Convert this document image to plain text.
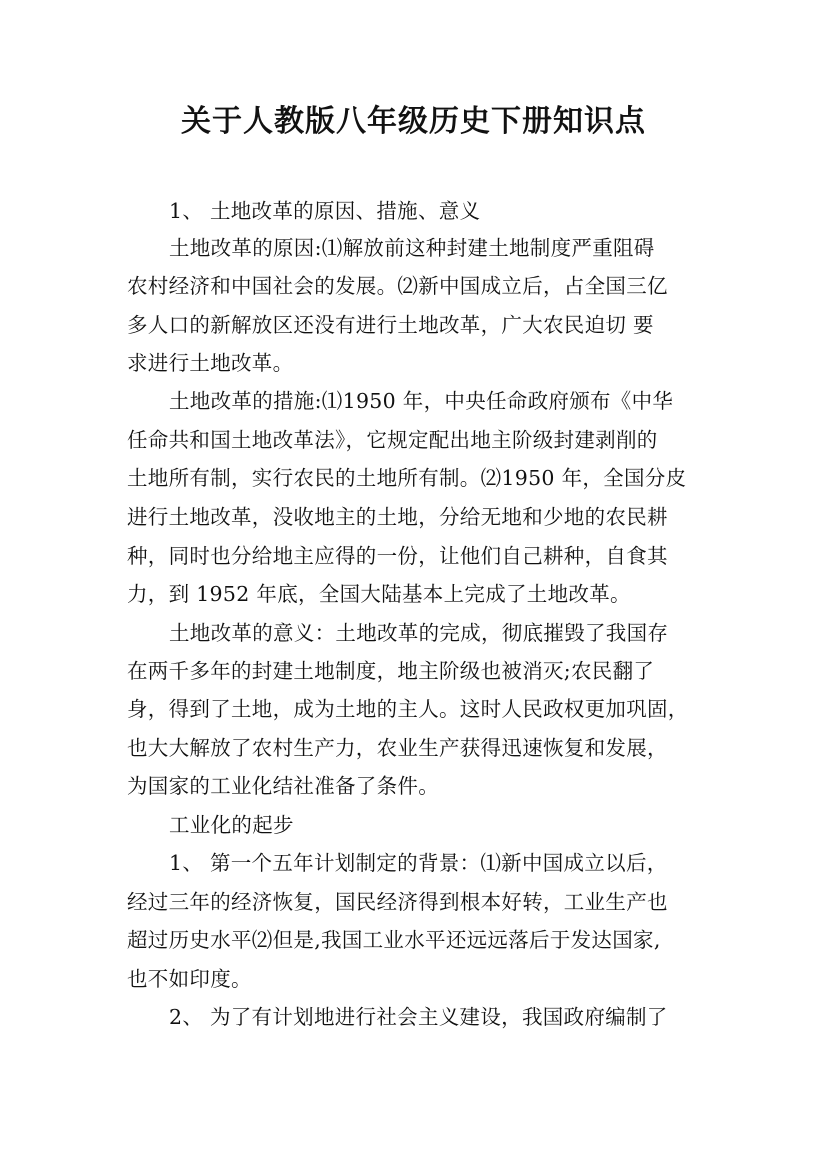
关于人教版八年级历史下册知识点
1、 土地改革的原因、措施、意义
土地改革的原因:⑴解放前这种封建土地制度严重阻碍
农村经济和中国社会的发展。⑵新中国成立后，占全国三亿
多人口的新解放区还没有进行土地改革，广大农民迫切 要
求进行土地改革。
土地改革的措施:⑴1950 年，中央任命政府颁布《中华
任命共和国土地改革法》，它规定配出地主阶级封建剥削的
土地所有制，实行农民的土地所有制。⑵1950 年，全国分皮
进行土地改革，没收地主的土地，分给无地和少地的农民耕
种，同时也分给地主应得的一份，让他们自己耕种，自食其
力，到 1952 年底，全国大陆基本上完成了土地改革。
土地改革的意义：土地改革的完成，彻底摧毁了我国存
在两千多年的封建土地制度，地主阶级也被消灭;农民翻了
身，得到了土地，成为土地的主人。这时人民政权更加巩固，
也大大解放了农村生产力，农业生产获得迅速恢复和发展，
为国家的工业化结社准备了条件。
工业化的起步
1、 第一个五年计划制定的背景：⑴新中国成立以后，
经过三年的经济恢复，国民经济得到根本好转，工业生产也
超过历史水平⑵但是,我国工业水平还远远落后于发达国家,
也不如印度。
2、 为了有计划地进行社会主义建设，我国政府编制了
